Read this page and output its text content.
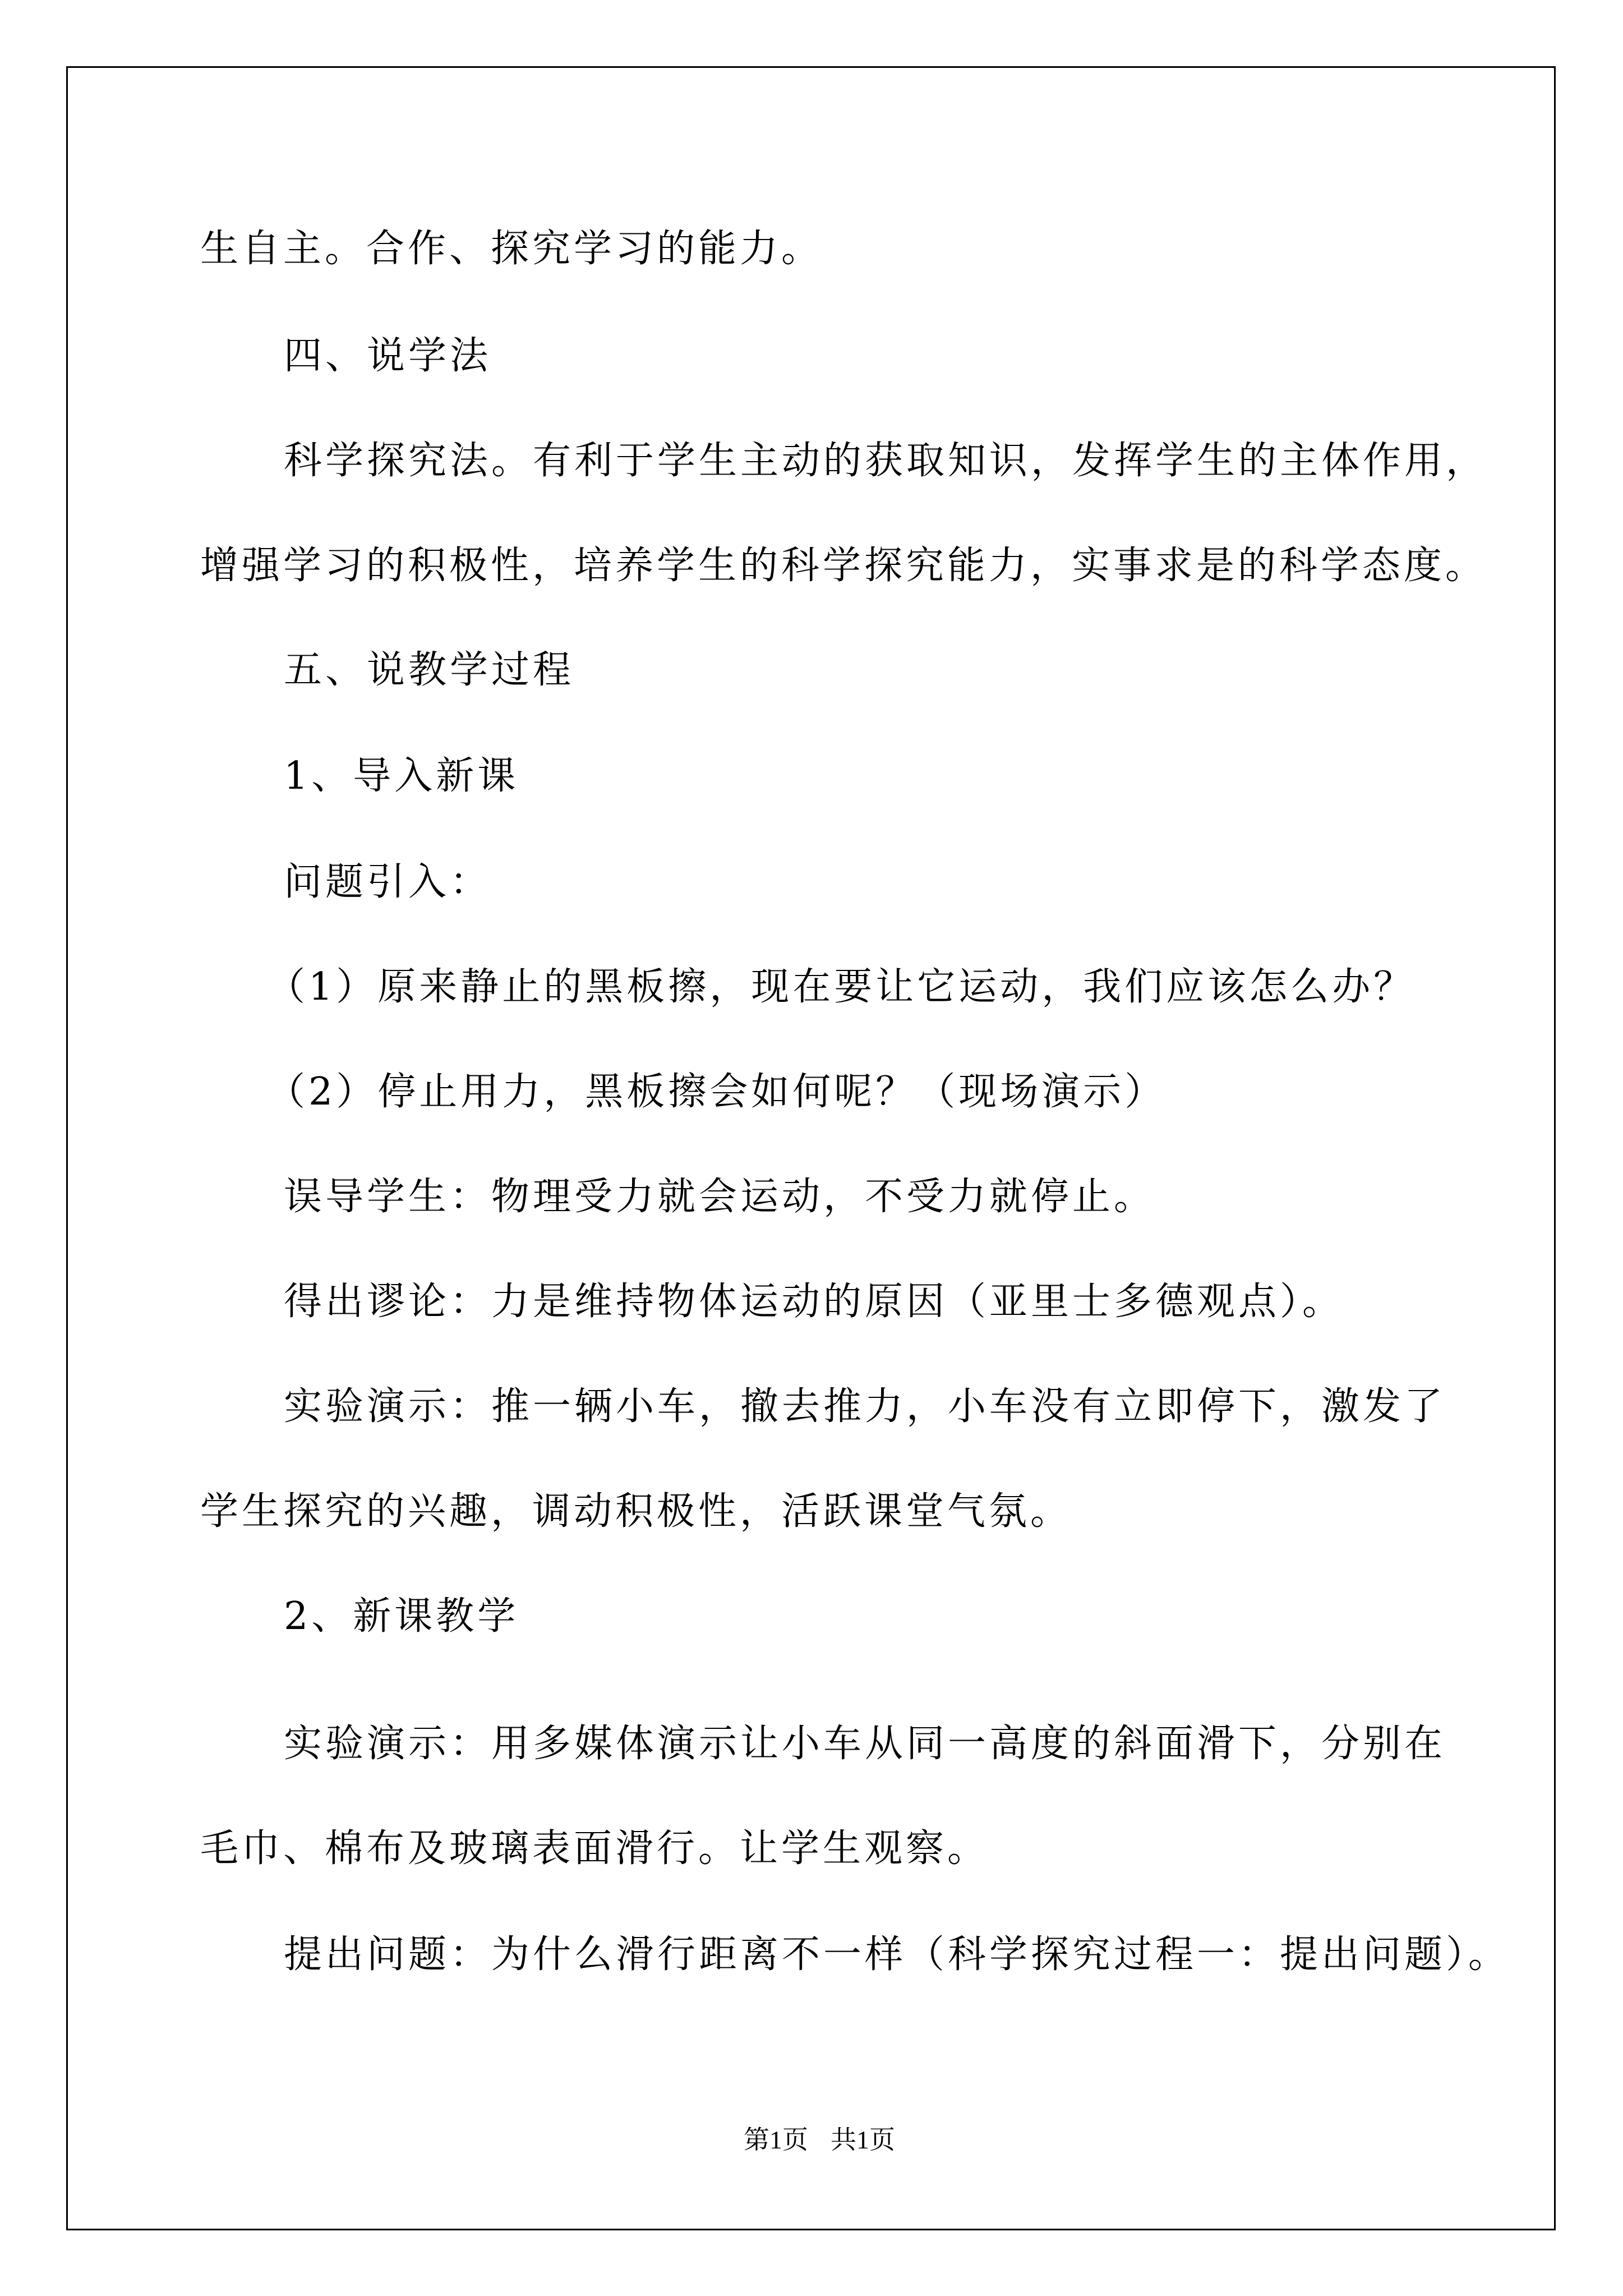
生自主。合作、探究学习的能力。
四、说学法
科学探究法。有利于学生主动的获取知识，发挥学生的主体作用，
增强学习的积极性，培养学生的科学探究能力，实事求是的科学态度。
五、说教学过程
1、导入新课
问题引入：
（1）原来静止的黑板擦，现在要让它运动，我们应该怎么办？
（2）停止用力，黑板擦会如何呢？（现场演示）
误导学生：物理受力就会运动，不受力就停止。
得出谬论：力是维持物体运动的原因（亚里士多德观点）。
实验演示：推一辆小车，撤去推力，小车没有立即停下，激发了
学生探究的兴趣，调动积极性，活跃课堂气氛。
2、新课教学
实验演示：用多媒体演示让小车从同一高度的斜面滑下，分别在
毛巾、棉布及玻璃表面滑行。让学生观察。
提出问题：为什么滑行距离不一样（科学探究过程一：提出问题）。
第1页 共1页
